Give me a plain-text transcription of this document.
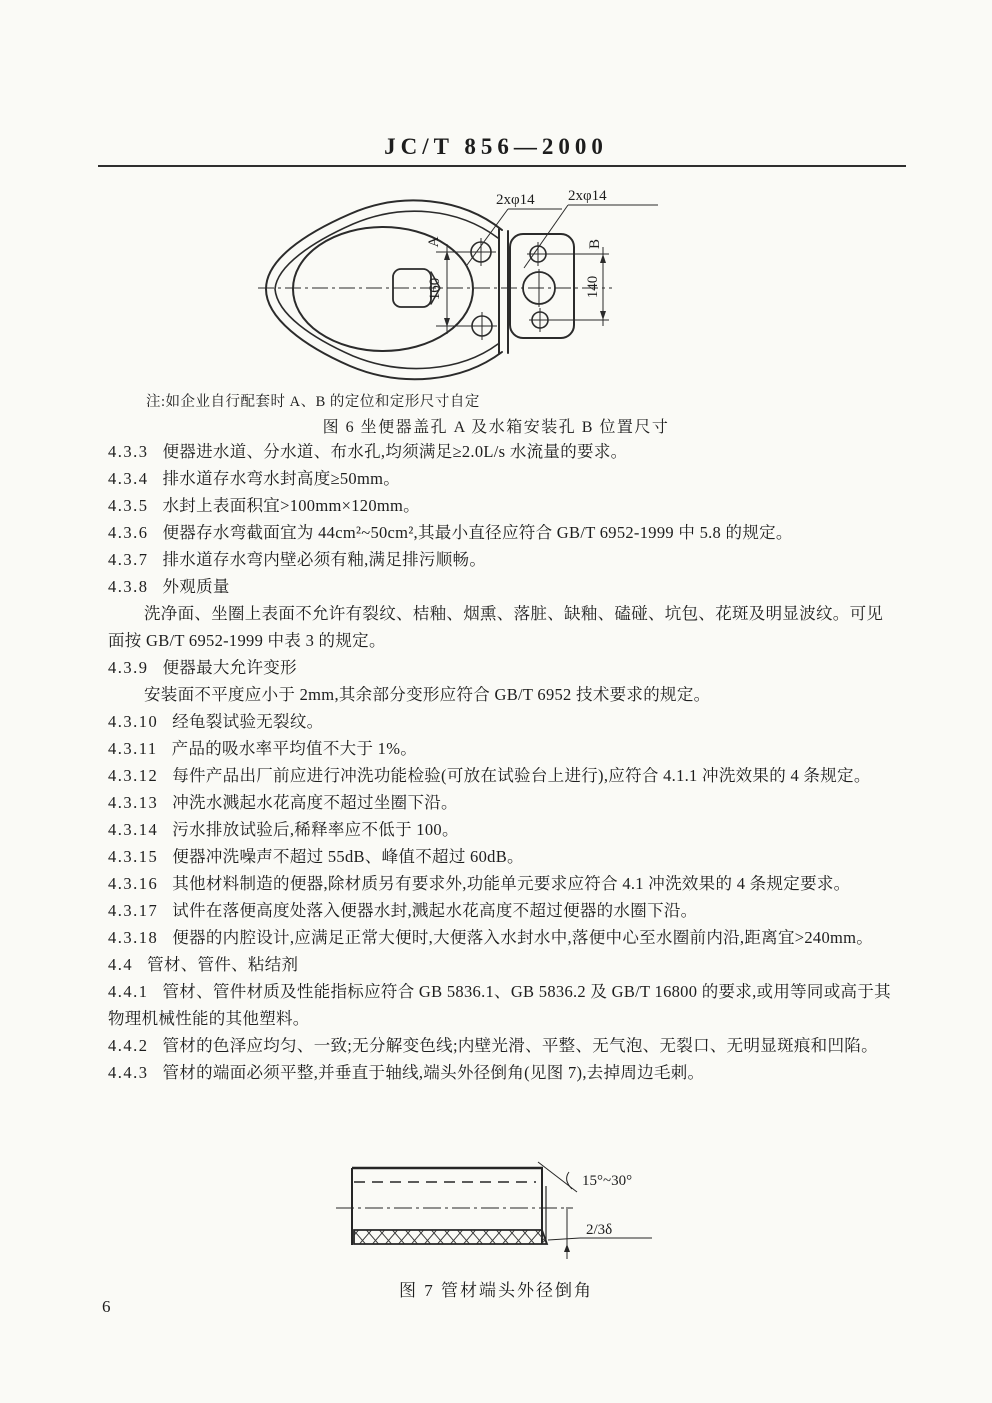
JC/T 856—2000
2xφ14 2xφ14
A
160
B
140
注:如企业自行配套时 A、B 的定位和定形尺寸自定
图 6 坐便器盖孔 A 及水箱安装孔 B 位置尺寸
4.3.3 便器进水道、分水道、布水孔,均须满足≥2.0L/s 水流量的要求。
4.3.4 排水道存水弯水封高度≥50mm。
4.3.5 水封上表面积宜>100mm×120mm。
4.3.6 便器存水弯截面宜为 44cm²~50cm²,其最小直径应符合 GB/T 6952-1999 中 5.8 的规定。
4.3.7 排水道存水弯内壁必须有釉,满足排污顺畅。
4.3.8 外观质量
洗净面、坐圈上表面不允许有裂纹、桔釉、烟熏、落脏、缺釉、磕碰、坑包、花斑及明显波纹。可见面按 GB/T 6952-1999 中表 3 的规定。
4.3.9 便器最大允许变形
安装面不平度应小于 2mm,其余部分变形应符合 GB/T 6952 技术要求的规定。
4.3.10 经龟裂试验无裂纹。
4.3.11 产品的吸水率平均值不大于 1%。
4.3.12 每件产品出厂前应进行冲洗功能检验(可放在试验台上进行),应符合 4.1.1 冲洗效果的 4 条规定。
4.3.13 冲洗水溅起水花高度不超过坐圈下沿。
4.3.14 污水排放试验后,稀释率应不低于 100。
4.3.15 便器冲洗噪声不超过 55dB、峰值不超过 60dB。
4.3.16 其他材料制造的便器,除材质另有要求外,功能单元要求应符合 4.1 冲洗效果的 4 条规定要求。
4.3.17 试件在落便高度处落入便器水封,溅起水花高度不超过便器的水圈下沿。
4.3.18 便器的内腔设计,应满足正常大便时,大便落入水封水中,落便中心至水圈前内沿,距离宜>240mm。
4.4 管材、管件、粘结剂
4.4.1 管材、管件材质及性能指标应符合 GB 5836.1、GB 5836.2 及 GB/T 16800 的要求,或用等同或高于其物理机械性能的其他塑料。
4.4.2 管材的色泽应均匀、一致;无分解变色线;内壁光滑、平整、无气泡、无裂口、无明显斑痕和凹陷。
4.4.3 管材的端面必须平整,并垂直于轴线,端头外径倒角(见图 7),去掉周边毛刺。
15°~30°
2/3δ
图 7 管材端头外径倒角
6
